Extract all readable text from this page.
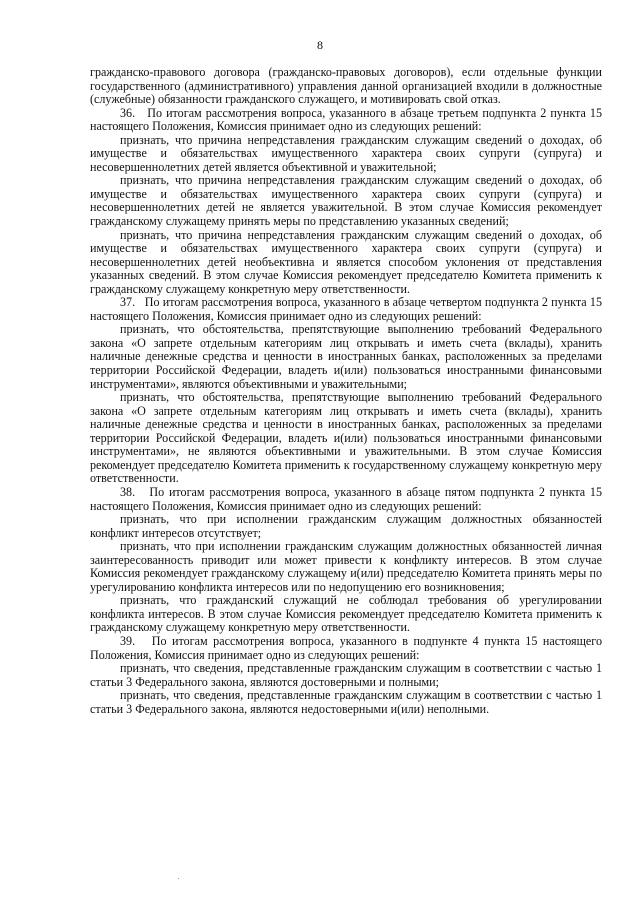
8

гражданско-правового договора (гражданско-правовых договоров), если отдельные функции государственного (административного) управления данной организацией входили в должностные (служебные) обязанности гражданского служащего, и мотивировать свой отказ.

36.   По итогам рассмотрения вопроса, указанного в абзаце третьем подпункта 2 пункта 15 настоящего Положения, Комиссия принимает одно из следующих решений:

признать, что причина непредставления гражданским служащим сведений о доходах, об имуществе и обязательствах имущественного характера своих супруги (супруга) и несовершеннолетних детей является объективной и уважительной;

признать, что причина непредставления гражданским служащим сведений о доходах, об имуществе и обязательствах имущественного характера своих супруги (супруга) и несовершеннолетних детей не является уважительной. В этом случае Комиссия рекомендует гражданскому служащему принять меры по представлению указанных сведений;

признать, что причина непредставления гражданским служащим сведений о доходах, об имуществе и обязательствах имущественного характера своих супруги (супруга) и несовершеннолетних детей необъективна и является способом уклонения от представления указанных сведений. В этом случае Комиссия рекомендует председателю Комитета применить к гражданскому служащему конкретную меру ответственности.

37.   По итогам рассмотрения вопроса, указанного в абзаце четвертом подпункта 2 пункта 15 настоящего Положения, Комиссия принимает одно из следующих решений:

признать, что обстоятельства, препятствующие выполнению требований Федерального закона «О запрете отдельным категориям лиц открывать и иметь счета (вклады), хранить наличные денежные средства и ценности в иностранных банках, расположенных за пределами территории Российской Федерации, владеть и(или) пользоваться иностранными финансовыми инструментами», являются объективными и уважительными;

признать, что обстоятельства, препятствующие выполнению требований Федерального закона «О запрете отдельным категориям лиц открывать и иметь счета (вклады), хранить наличные денежные средства и ценности в иностранных банках, расположенных за пределами территории Российской Федерации, владеть и(или) пользоваться иностранными финансовыми инструментами», не являются объективными и уважительными. В этом случае Комиссия рекомендует председателю Комитета применить к государственному служащему конкретную меру ответственности.

38.   По итогам рассмотрения вопроса, указанного в абзаце пятом подпункта 2 пункта 15 настоящего Положения, Комиссия принимает одно из следующих решений:

признать, что при исполнении гражданским служащим должностных обязанностей конфликт интересов отсутствует;

признать, что при исполнении гражданским служащим должностных обязанностей личная заинтересованность приводит или может привести к конфликту интересов. В этом случае Комиссия рекомендует гражданскому служащему и(или) председателю Комитета принять меры по урегулированию конфликта интересов или по недопущению его возникновения;

признать, что гражданский служащий не соблюдал требования об урегулировании конфликта интересов. В этом случае Комиссия рекомендует председателю Комитета применить к гражданскому служащему конкретную меру ответственности.

39.   По итогам рассмотрения вопроса, указанного в подпункте 4 пункта 15 настоящего Положения, Комиссия принимает одно из следующих решений:

признать, что сведения, представленные гражданским служащим в соответствии с частью 1 статьи 3 Федерального закона, являются достоверными и полными;

признать, что сведения, представленные гражданским служащим в соответствии с частью 1 статьи 3 Федерального закона, являются недостоверными и(или) неполными.
